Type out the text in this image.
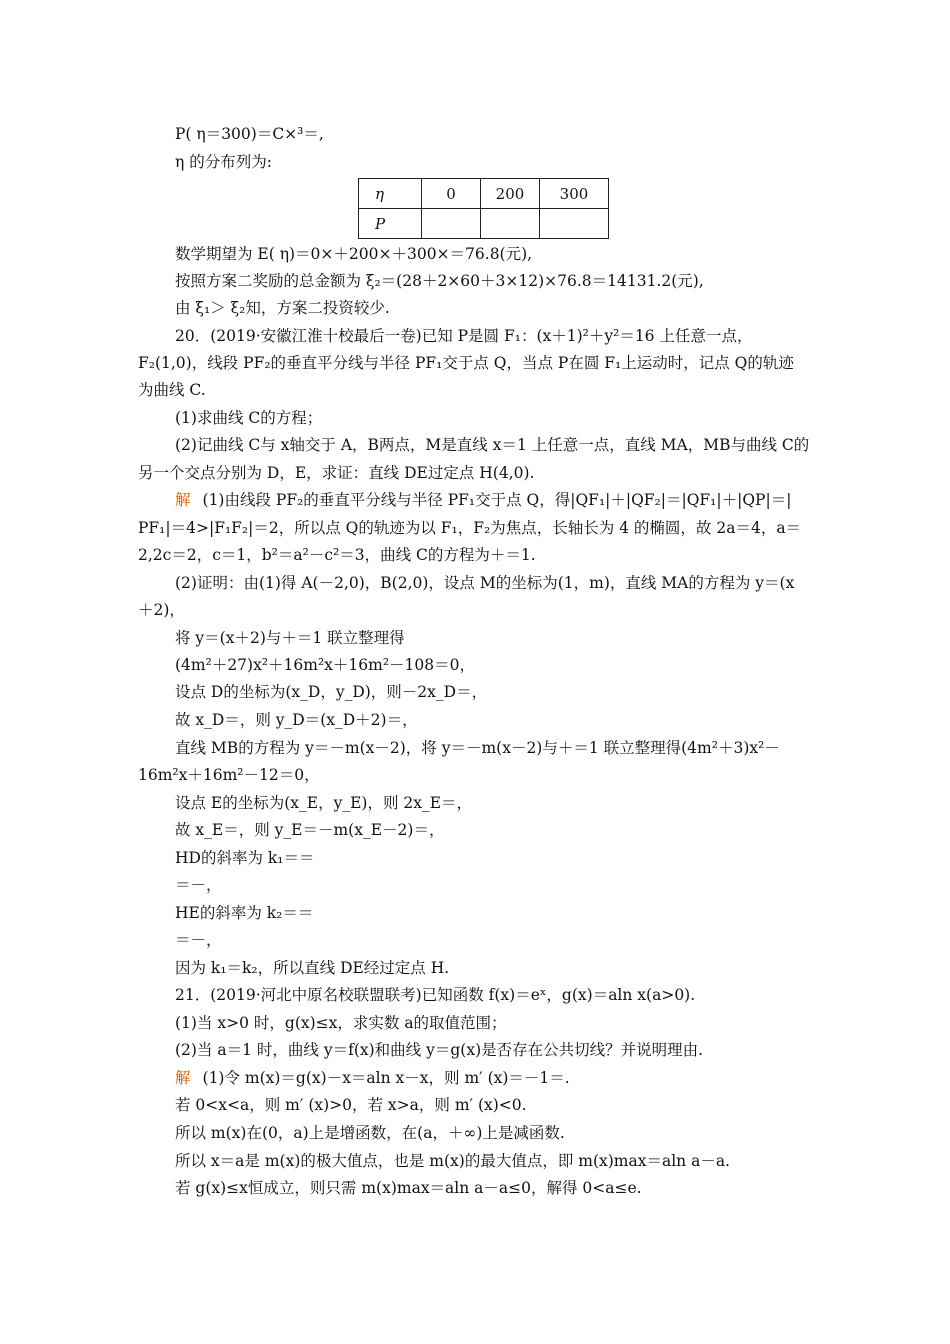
P( η＝300)＝C×³＝,
η 的分布列为:
η	0	200	300
P			
数学期望为 E( η)＝0×＋200×＋300×＝76.8(元),
按照方案二奖励的总金额为 ξ₂＝(28＋2×60＋3×12)×76.8＝14131.2(元),
由 ξ₁＞ ξ₂知，方案二投资较少.
20．(2019·安徽江淮十校最后一卷)已知 P是圆 F₁：(x＋1)²＋y²＝16 上任意一点，
F₂(1,0)，线段 PF₂的垂直平分线与半径 PF₁交于点 Q，当点 P在圆 F₁上运动时，记点 Q的轨迹
为曲线 C.
(1)求曲线 C的方程；
(2)记曲线 C与 x轴交于 A，B两点，M是直线 x＝1 上任意一点，直线 MA，MB与曲线 C的
另一个交点分别为 D，E，求证：直线 DE过定点 H(4,0).
解 (1)由线段 PF₂的垂直平分线与半径 PF₁交于点 Q，得|QF₁|＋|QF₂|＝|QF₁|＋|QP|＝|
PF₁|＝4>|F₁F₂|＝2，所以点 Q的轨迹为以 F₁，F₂为焦点，长轴长为 4 的椭圆，故 2a＝4，a＝
2,2c＝2，c＝1，b²＝a²－c²＝3，曲线 C的方程为＋＝1.
(2)证明：由(1)得 A(－2,0)，B(2,0)，设点 M的坐标为(1，m)，直线 MA的方程为 y＝(x
＋2)，
将 y＝(x＋2)与＋＝1 联立整理得
(4m²＋27)x²＋16m²x＋16m²－108＝0，
设点 D的坐标为(x_D，y_D)，则－2x_D＝，
故 x_D＝，则 y_D＝(x_D＋2)＝，
直线 MB的方程为 y＝－m(x－2)，将 y＝－m(x－2)与＋＝1 联立整理得(4m²＋3)x²－
16m²x＋16m²－12＝0，
设点 E的坐标为(x_E，y_E)，则 2x_E＝，
故 x_E＝，则 y_E＝－m(x_E－2)＝，
HD的斜率为 k₁＝＝
＝－，
HE的斜率为 k₂＝＝
＝－，
因为 k₁＝k₂，所以直线 DE经过定点 H.
21．(2019·河北中原名校联盟联考)已知函数 f(x)＝eˣ，g(x)＝aln x(a>0).
(1)当 x>0 时，g(x)≤x，求实数 a的取值范围；
(2)当 a＝1 时，曲线 y＝f(x)和曲线 y＝g(x)是否存在公共切线？并说明理由.
解 (1)令 m(x)＝g(x)－x＝aln x－x，则 m′ (x)＝－1＝.
若 0<x<a，则 m′ (x)>0，若 x>a，则 m′ (x)<0.
所以 m(x)在(0，a)上是增函数，在(a，＋∞)上是减函数.
所以 x＝a是 m(x)的极大值点，也是 m(x)的最大值点，即 m(x)max＝aln a－a.
若 g(x)≤x恒成立，则只需 m(x)max＝aln a－a≤0，解得 0<a≤e.
